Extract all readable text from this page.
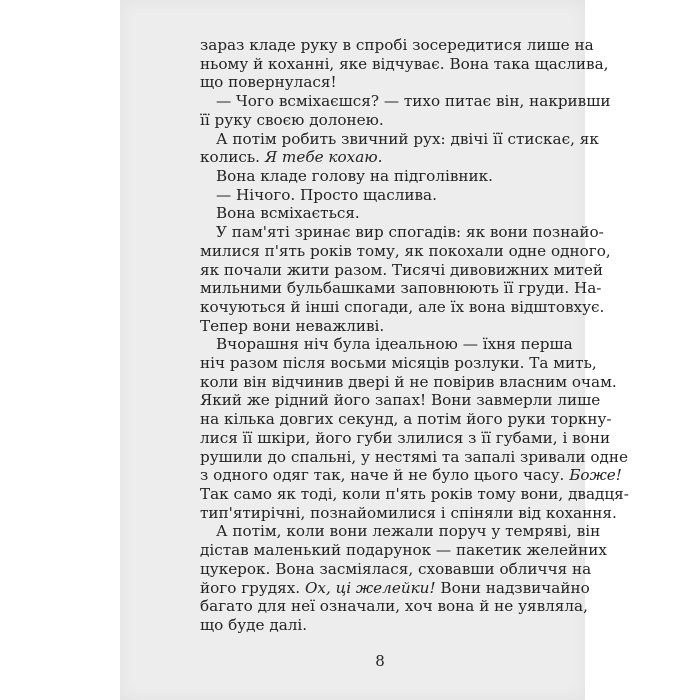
зараз кладе руку в спробі зосередитися лише на
ньому й коханні, яке відчуває. Вона така щаслива,
що повернулася!
— Чого всміхаєшся? — тихо питає він, накривши
її руку своєю долонею.
А потім робить звичний рух: двічі її стискає, як
колись. Я тебе кохаю.
Вона кладе голову на підголівник.
— Нічого. Просто щаслива.
Вона всміхається.
У пам'яті зринає вир спогадів: як вони познайо-
милися п'ять років тому, як покохали одне одного,
як почали жити разом. Тисячі дивовижних митей
мильними бульбашками заповнюють її груди. На-
кочуються й інші спогади, але їх вона відштовхує.
Тепер вони неважливі.
Вчорашня ніч була ідеальною — їхня перша
ніч разом після восьми місяців розлуки. Та мить,
коли він відчинив двері й не повірив власним очам.
Який же рідний його запах! Вони завмерли лише
на кілька довгих секунд, а потім його руки торкну-
лися її шкіри, його губи злилися з її губами, і вони
рушили до спальні, у нестямі та запалі зривали одне
з одного одяг так, наче й не було цього часу. Боже!
Так само як тоді, коли п'ять років тому вони, двадця-
тип'ятирічні, познайомилися і спіняли від кохання.
А потім, коли вони лежали поруч у темряві, він
дістав маленький подарунок — пакетик желейних
цукерок. Вона засміялася, сховавши обличчя на
його грудях. Ох, ці желейки! Вони надзвичайно
багато для неї означали, хоч вона й не уявляла,
що буде далі.
8
